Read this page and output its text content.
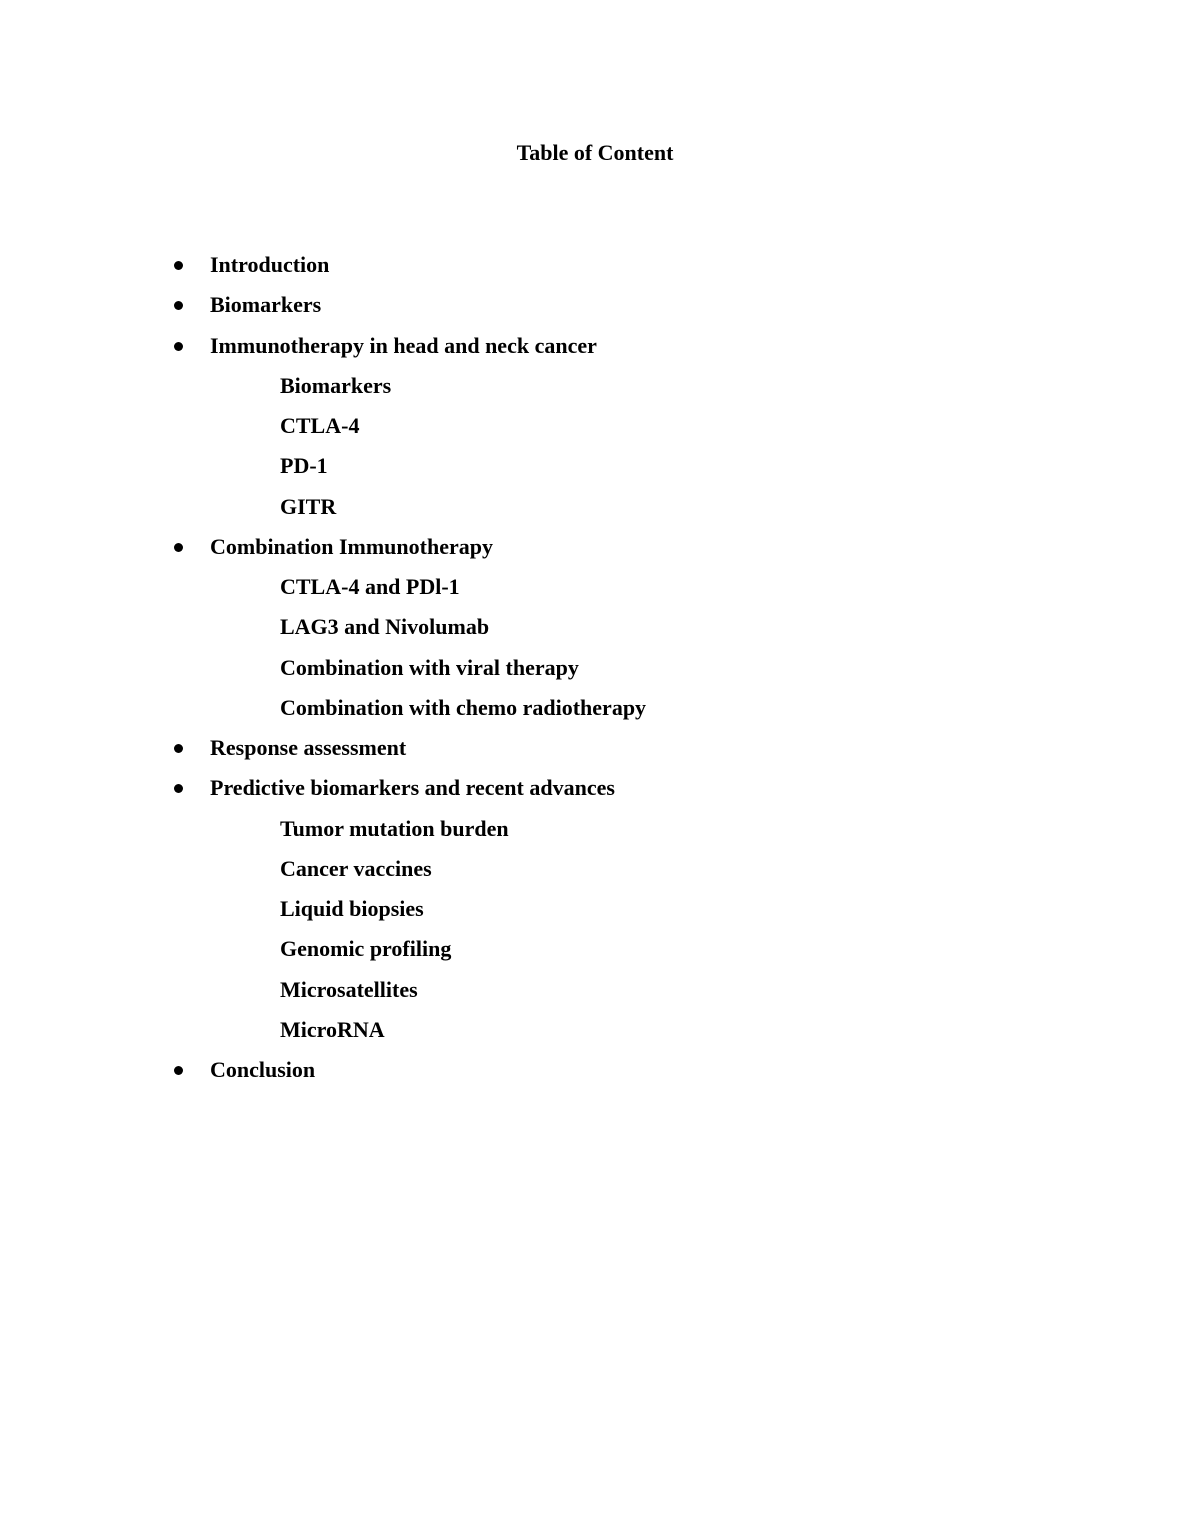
Table of Content
Introduction
Biomarkers
Immunotherapy in head and neck cancer
Biomarkers
CTLA-4
PD-1
GITR
Combination Immunotherapy
CTLA-4 and PDl-1
LAG3 and Nivolumab
Combination with viral therapy
Combination with chemo radiotherapy
Response assessment
Predictive biomarkers and recent advances
Tumor mutation burden
Cancer vaccines
Liquid biopsies
Genomic profiling
Microsatellites
MicroRNA
Conclusion
